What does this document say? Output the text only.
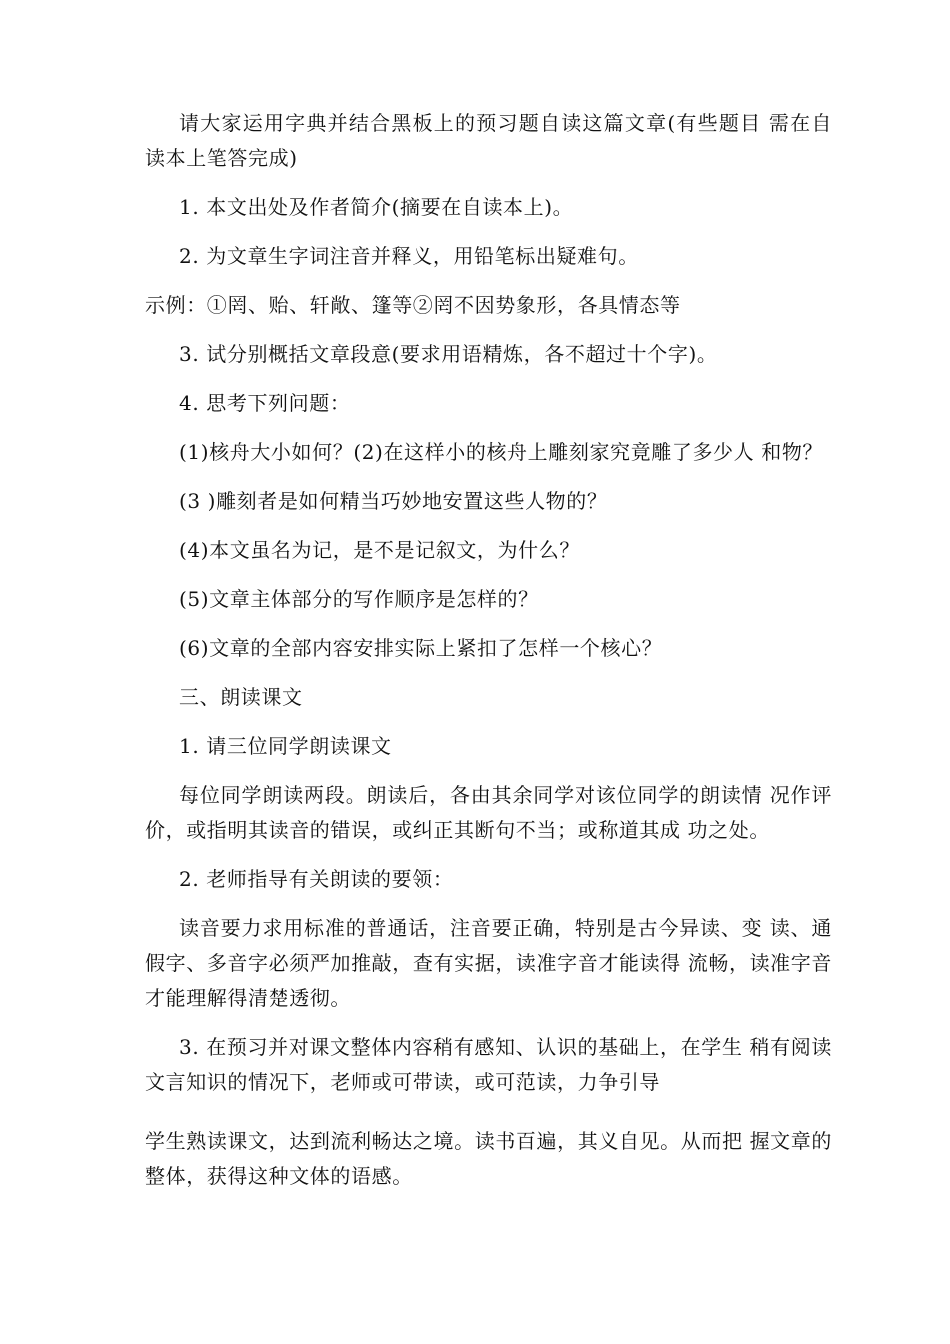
请大家运用字典并结合黑板上的预习题自读这篇文章(有些题目 需在自读本上笔答完成)

1. 本文出处及作者简介(摘要在自读本上)。

2. 为文章生字词注音并释义，用铅笔标出疑难句。

示例：①罔、贻、轩敞、篷等②罔不因势象形，各具情态等

3. 试分别概括文章段意(要求用语精炼，各不超过十个字)。

4. 思考下列问题：

(1)核舟大小如何？(2)在这样小的核舟上雕刻家究竟雕了多少人 和物？

(3 )雕刻者是如何精当巧妙地安置这些人物的？

(4)本文虽名为记，是不是记叙文，为什么？

(5)文章主体部分的写作顺序是怎样的？

(6)文章的全部内容安排实际上紧扣了怎样一个核心？

三、朗读课文

1. 请三位同学朗读课文

每位同学朗读两段。朗读后，各由其余同学对该位同学的朗读情 况作评价，或指明其读音的错误，或纠正其断句不当；或称道其成 功之处。

2. 老师指导有关朗读的要领：

读音要力求用标准的普通话，注音要正确，特别是古今异读、变 读、通假字、多音字必须严加推敲，查有实据，读准字音才能读得 流畅，读准字音才能理解得清楚透彻。

3. 在预习并对课文整体内容稍有感知、认识的基础上，在学生 稍有阅读文言知识的情况下，老师或可带读，或可范读，力争引导

学生熟读课文，达到流利畅达之境。读书百遍，其义自见。从而把 握文章的整体，获得这种文体的语感。
